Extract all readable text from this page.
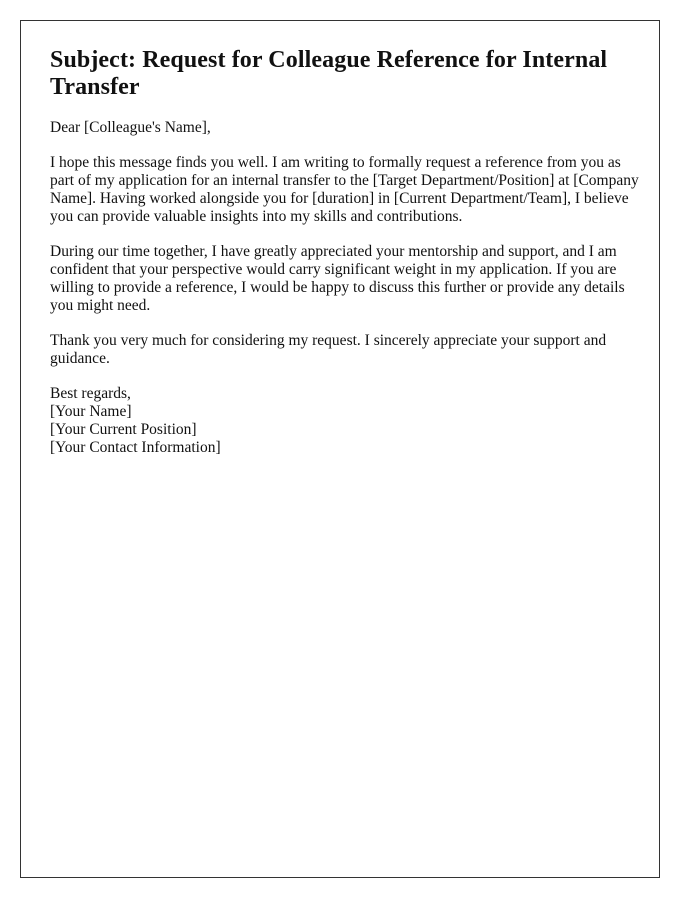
Subject: Request for Colleague Reference for Internal Transfer

Dear [Colleague's Name],

I hope this message finds you well. I am writing to formally request a reference from you as part of my application for an internal transfer to the [Target Department/Position] at [Company Name]. Having worked alongside you for [duration] in [Current Department/Team], I believe you can provide valuable insights into my skills and contributions.

During our time together, I have greatly appreciated your mentorship and support, and I am confident that your perspective would carry significant weight in my application. If you are willing to provide a reference, I would be happy to discuss this further or provide any details you might need.

Thank you very much for considering my request. I sincerely appreciate your support and guidance.

Best regards,
[Your Name]
[Your Current Position]
[Your Contact Information]
